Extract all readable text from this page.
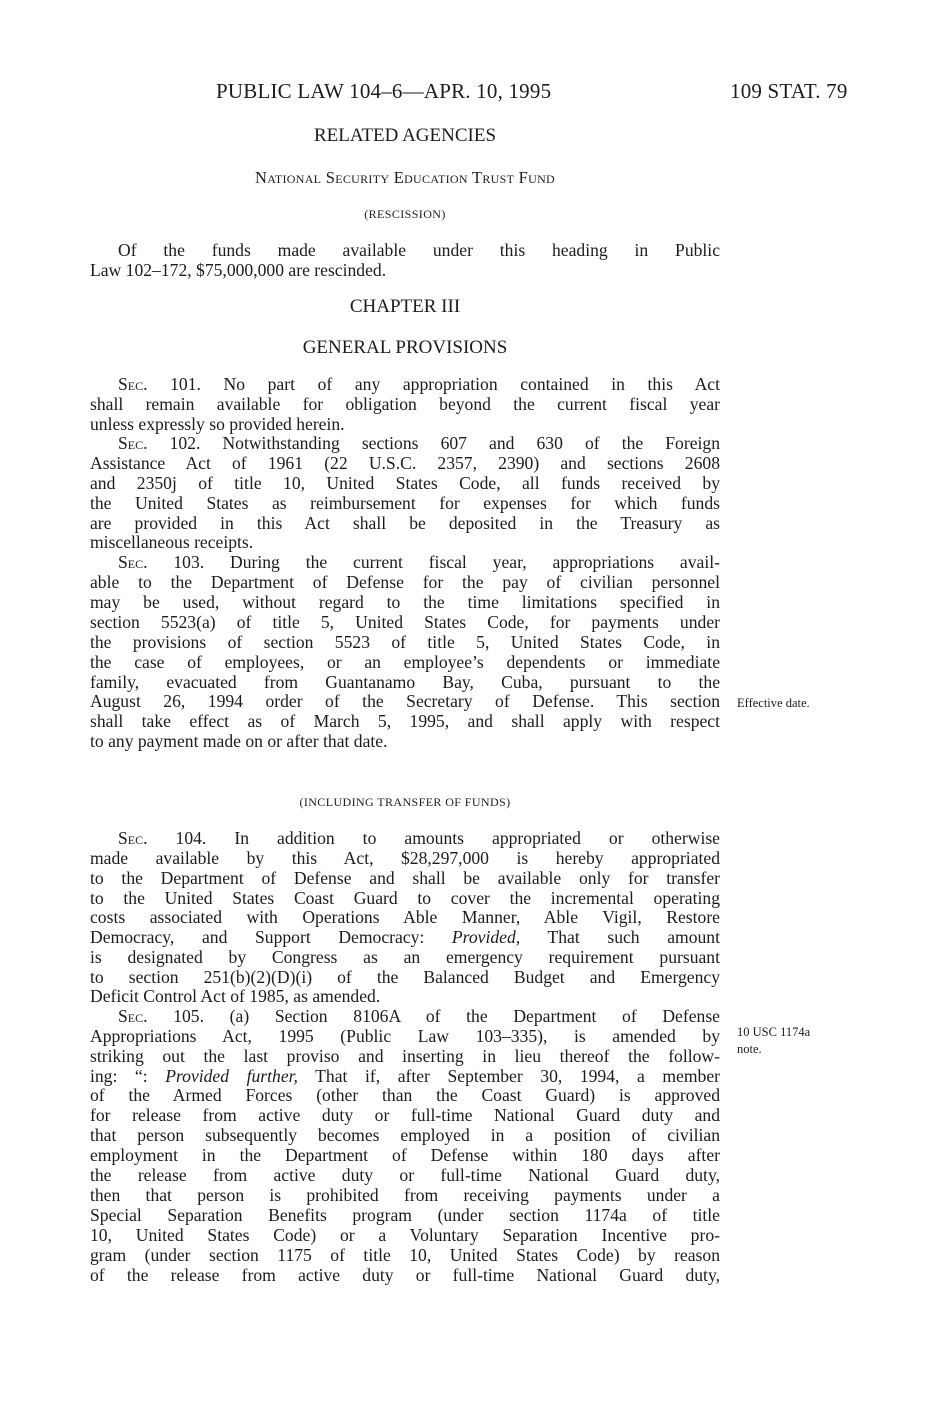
PUBLIC LAW 104–6—APR. 10, 1995	109 STAT. 79
RELATED AGENCIES
National Security Education Trust Fund
(RESCISSION)
Of the funds made available under this heading in Public
Law 102–172, $75,000,000 are rescinded.
CHAPTER III
GENERAL PROVISIONS
Sec. 101. No part of any appropriation contained in this Act
shall remain available for obligation beyond the current fiscal year
unless expressly so provided herein.
Sec. 102. Notwithstanding sections 607 and 630 of the Foreign
Assistance Act of 1961 (22 U.S.C. 2357, 2390) and sections 2608
and 2350j of title 10, United States Code, all funds received by
the United States as reimbursement for expenses for which funds
are provided in this Act shall be deposited in the Treasury as
miscellaneous receipts.
Sec. 103. During the current fiscal year, appropriations avail-
able to the Department of Defense for the pay of civilian personnel
may be used, without regard to the time limitations specified in
section 5523(a) of title 5, United States Code, for payments under
the provisions of section 5523 of title 5, United States Code, in
the case of employees, or an employee’s dependents or immediate
family, evacuated from Guantanamo Bay, Cuba, pursuant to the
August 26, 1994 order of the Secretary of Defense. This section
shall take effect as of March 5, 1995, and shall apply with respect
to any payment made on or after that date.
Effective date.
(INCLUDING TRANSFER OF FUNDS)
Sec. 104. In addition to amounts appropriated or otherwise
made available by this Act, $28,297,000 is hereby appropriated
to the Department of Defense and shall be available only for transfer
to the United States Coast Guard to cover the incremental operating
costs associated with Operations Able Manner, Able Vigil, Restore
Democracy, and Support Democracy: Provided, That such amount
is designated by Congress as an emergency requirement pursuant
to section 251(b)(2)(D)(i) of the Balanced Budget and Emergency
Deficit Control Act of 1985, as amended.
Sec. 105. (a) Section 8106A of the Department of Defense
Appropriations Act, 1995 (Public Law 103–335), is amended by
striking out the last proviso and inserting in lieu thereof the follow-
ing: “: Provided further, That if, after September 30, 1994, a member
of the Armed Forces (other than the Coast Guard) is approved
for release from active duty or full-time National Guard duty and
that person subsequently becomes employed in a position of civilian
employment in the Department of Defense within 180 days after
the release from active duty or full-time National Guard duty,
then that person is prohibited from receiving payments under a
Special Separation Benefits program (under section 1174a of title
10, United States Code) or a Voluntary Separation Incentive pro-
gram (under section 1175 of title 10, United States Code) by reason
of the release from active duty or full-time National Guard duty,
10 USC 1174a
note.
